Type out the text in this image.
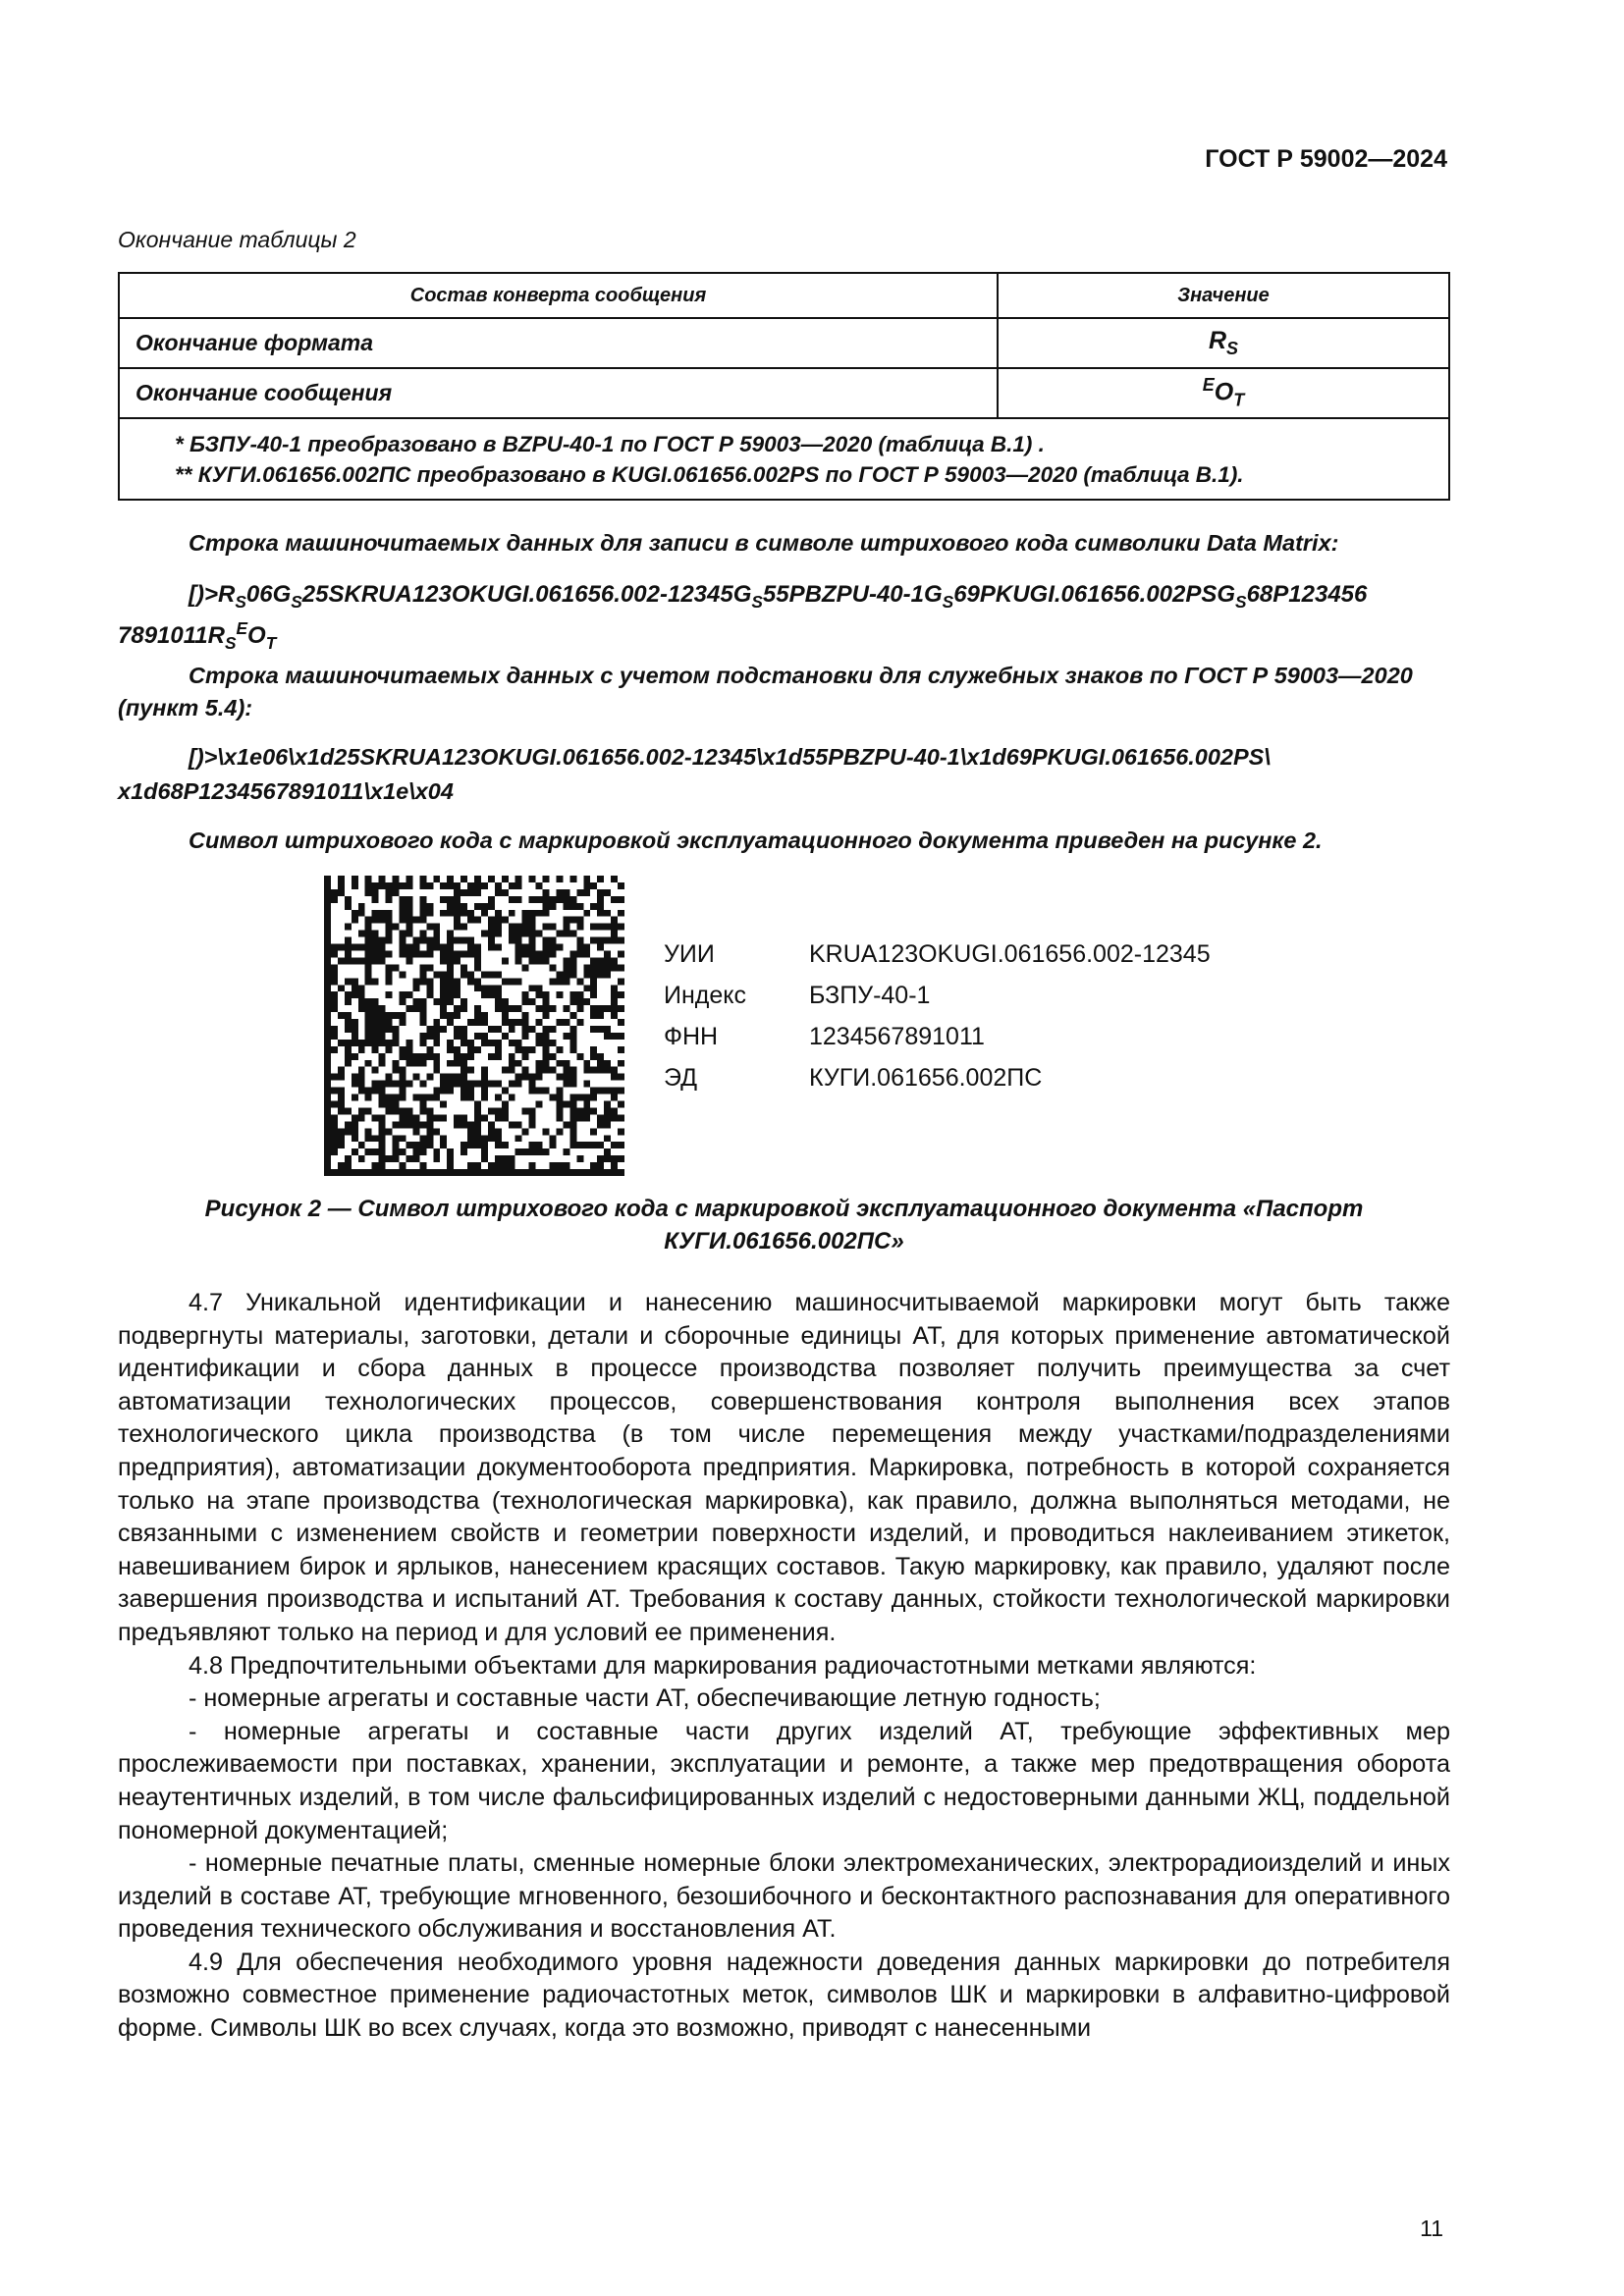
ГОСТ Р 59002—2024
Окончание таблицы 2
Состав конверта сообщения	Значение
Окончание формата	$R_S$
Окончание сообщения	$^EO_T$

* БЗПУ-40-1 преобразовано в BZPU-40-1 по ГОСТ Р 59003—2020 (таблица В.1) .
** КУГИ.061656.002ПС преобразовано в KUGI.061656.002PS по ГОСТ Р 59003—2020 (таблица В.1).	
Строка машиночитаемых данных для записи в символе штрихового кода символики Data Matrix:
$[)>R_S06G_S25SKRUA123OKUGI.061656.002-12345G_S55PBZPU-40-1G_S69PKUGI.061656.002PSG_S68P123456$
$7891011R_S^EO_T$
Строка машиночитаемых данных с учетом подстановки для служебных знаков по ГОСТ Р 59003—2020 (пункт 5.4):
[)>\x1e06\x1d25SKRUA123OKUGI.061656.002-12345\x1d55PBZPU-40-1\x1d69PKUGI.061656.002PS\
x1d68P1234567891011\x1e\x04
Символ штрихового кода с маркировкой эксплуатационного документа приведен на рисунке 2.
УИИ	KRUA123OKUGI.061656.002-12345
Индекс	БЗПУ-40-1
ФНН	1234567891011
ЭД	КУГИ.061656.002ПС
Рисунок 2 — Символ штрихового кода с маркировкой эксплуатационного документа «Паспорт
КУГИ.061656.002ПС»
4.7 Уникальной идентификации и нанесению машиносчитываемой маркировки могут быть также подвергнуты материалы, заготовки, детали и сборочные единицы АТ, для которых применение автоматической идентификации и сбора данных в процессе производства позволяет получить преимущества за счет автоматизации технологических процессов, совершенствования контроля выполнения всех этапов технологического цикла производства (в том числе перемещения между участками/подразделениями предприятия), автоматизации документооборота предприятия. Маркировка, потребность в которой сохраняется только на этапе производства (технологическая маркировка), как правило, должна выполняться методами, не связанными с изменением свойств и геометрии поверхности изделий, и проводиться наклеиванием этикеток, навешиванием бирок и ярлыков, нанесением красящих составов. Такую маркировку, как правило, удаляют после завершения производства и испытаний АТ. Требования к составу данных, стойкости технологической маркировки предъявляют только на период и для условий ее применения.
4.8 Предпочтительными объектами для маркирования радиочастотными метками являются:
- номерные агрегаты и составные части АТ, обеспечивающие летную годность;
- номерные агрегаты и составные части других изделий АТ, требующие эффективных мер прослеживаемости при поставках, хранении, эксплуатации и ремонте, а также мер предотвращения оборота неаутентичных изделий, в том числе фальсифицированных изделий с недостоверными данными ЖЦ, поддельной пономерной документацией;
- номерные печатные платы, сменные номерные блоки электромеханических, электрорадиоизделий и иных изделий в составе АТ, требующие мгновенного, безошибочного и бесконтактного распознавания для оперативного проведения технического обслуживания и восстановления АТ.
4.9 Для обеспечения необходимого уровня надежности доведения данных маркировки до потребителя возможно совместное применение радиочастотных меток, символов ШК и маркировки в алфавитно-цифровой форме. Символы ШК во всех случаях, когда это возможно, приводят с нанесенными
11
